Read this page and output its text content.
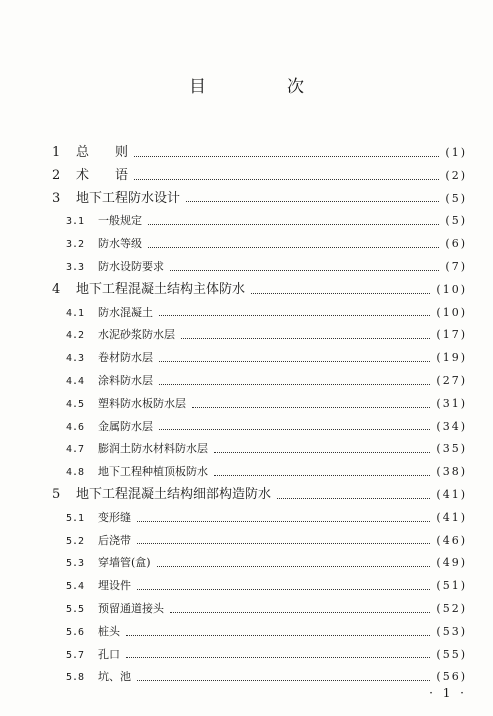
目　次
1	总　　则	(1)
2	术　　语	(2)
3	地下工程防水设计	(5)
3.1	一般规定	(5)
3.2	防水等级	(6)
3.3	防水设防要求	(7)
4	地下工程混凝土结构主体防水	(10)
4.1	防水混凝土	(10)
4.2	水泥砂浆防水层	(17)
4.3	卷材防水层	(19)
4.4	涂料防水层	(27)
4.5	塑料防水板防水层	(31)
4.6	金属防水层	(34)
4.7	膨润土防水材料防水层	(35)
4.8	地下工程种植顶板防水	(38)
5	地下工程混凝土结构细部构造防水	(41)
5.1	变形缝	(41)
5.2	后浇带	(46)
5.3	穿墙管(盒)	(49)
5.4	埋设件	(51)
5.5	预留通道接头	(52)
5.6	桩头	(53)
5.7	孔口	(55)
5.8	坑、池	(56)
· 1 ·
